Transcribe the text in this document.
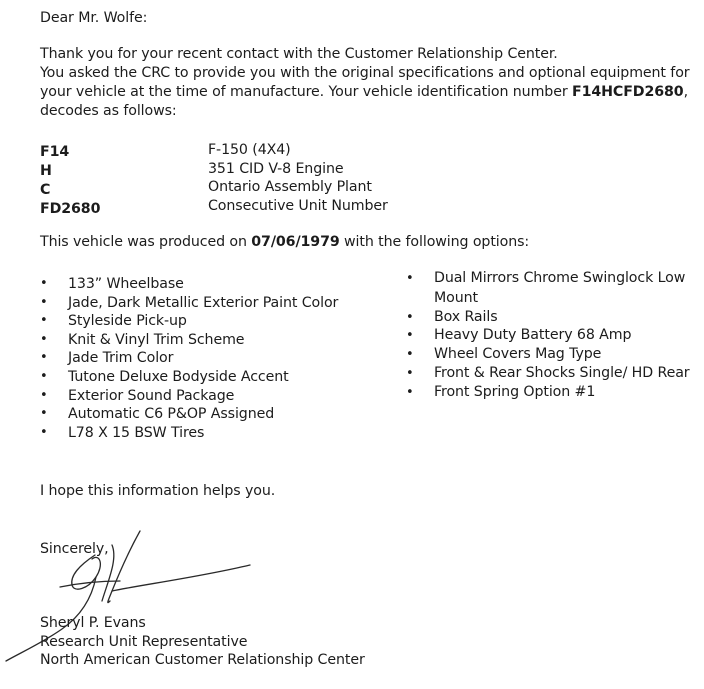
Dear Mr. Wolfe:
Thank you for your recent contact with the Customer Relationship Center.
You asked the CRC to provide you with the original specifications and optional equipment for
your vehicle at the time of manufacture. Your vehicle identification number F14HCFD2680,
decodes as follows:
F14	F-150 (4X4)
H	351 CID V-8 Engine
C	Ontario Assembly Plant
FD2680	Consecutive Unit Number
This vehicle was produced on 07/06/1979 with the following options:
• 133” Wheelbase
• Jade, Dark Metallic Exterior Paint Color
• Styleside Pick-up
• Knit & Vinyl Trim Scheme
• Jade Trim Color
• Tutone Deluxe Bodyside Accent
• Exterior Sound Package
• Automatic C6 P&OP Assigned
• L78 X 15 BSW Tires
• Dual Mirrors Chrome Swinglock Low
Mount
• Box Rails
• Heavy Duty Battery 68 Amp
• Wheel Covers Mag Type
• Front & Rear Shocks Single/ HD Rear
• Front Spring Option #1
I hope this information helps you.
Sincerely,
Sheryl P. Evans
Research Unit Representative
North American Customer Relationship Center
